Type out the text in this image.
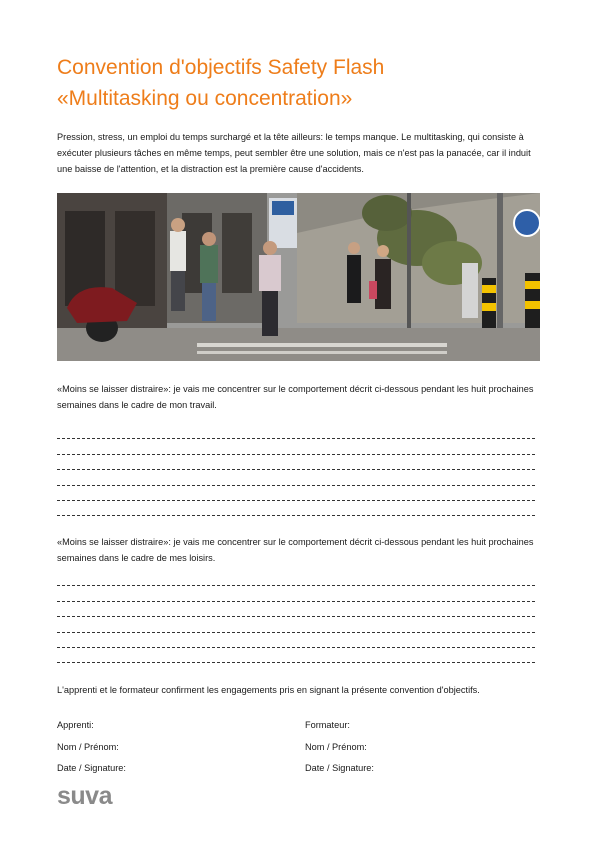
Convention d'objectifs Safety Flash
«Multitasking ou concentration»

Pression, stress, un emploi du temps surchargé et la tête ailleurs: le temps manque. Le multitasking, qui consiste à exécuter plusieurs tâches en même temps, peut sembler être une solution, mais ce n'est pas la panacée, car il induit une baisse de l'attention, et la distraction est la première cause d'accidents.

«Moins se laisser distraire»: je vais me concentrer sur le comportement décrit ci-dessous pendant les huit prochaines semaines dans le cadre de mon travail.

«Moins se laisser distraire»: je vais me concentrer sur le comportement décrit ci-dessous pendant les huit prochaines semaines dans le cadre de mes loisirs.

L'apprenti et le formateur confirment les engagements pris en signant la présente convention d'objectifs.

Apprenti:	Formateur:

Nom / Prénom:	Nom / Prénom:

Date / Signature:	Date / Signature:

suva
